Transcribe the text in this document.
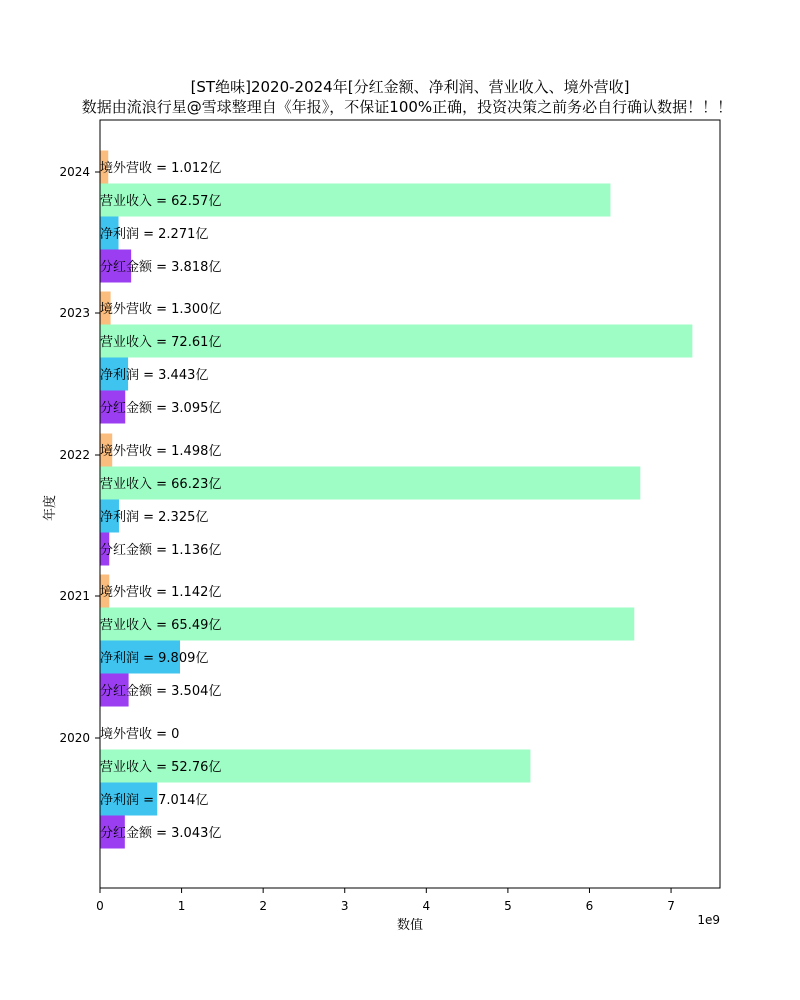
[ST绝味]2020-2024年[分红金额、净利润、营业收入、境外营收]
数据由流浪行星@雪球整理自《年报》，不保证100%正确，投资决策之前务必自行确认数据！！！
分红金额 = 3.043亿
分红金额 = 3.504亿
分红金额 = 1.136亿
分红金额 = 3.095亿
分红金额 = 3.818亿
净利润 = 7.014亿
净利润 = 9.809亿
净利润 = 2.325亿
净利润 = 3.443亿
净利润 = 2.271亿
营业收入 = 52.76亿
营业收入 = 65.49亿
营业收入 = 66.23亿
营业收入 = 72.61亿
营业收入 = 62.57亿
境外营收 = 0
境外营收 = 1.142亿
境外营收 = 1.498亿
境外营收 = 1.300亿
境外营收 = 1.012亿
0	1	2	3	4	5	6	7
2020
2021
2022
2023
2024
1e9
数值
年度
